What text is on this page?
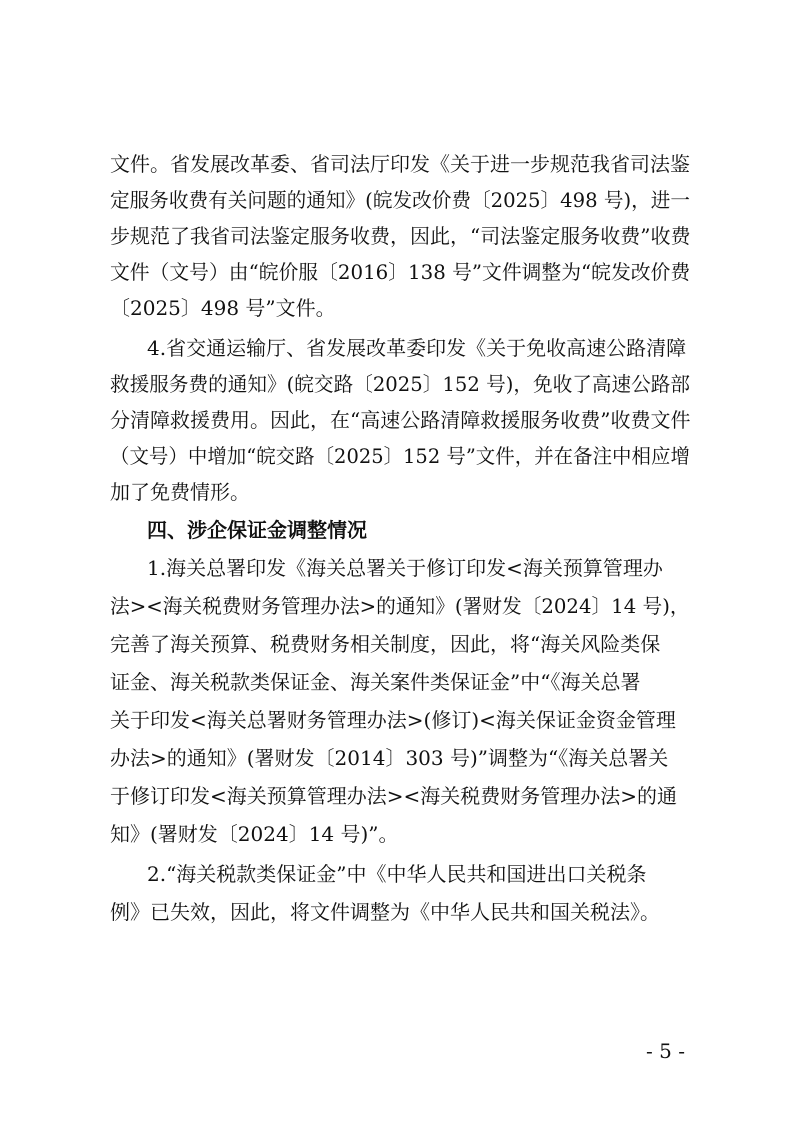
文件。省发展改革委、省司法厅印发《关于进一步规范我省司法鉴
定服务收费有关问题的通知》(皖发改价费〔2025〕498 号)，进一
步规范了我省司法鉴定服务收费，因此，“司法鉴定服务收费”收费
文件（文号）由“皖价服〔2016〕138 号”文件调整为“皖发改价费
〔2025〕498 号”文件。
4.省交通运输厅、省发展改革委印发《关于免收高速公路清障
救援服务费的通知》(皖交路〔2025〕152 号)，免收了高速公路部
分清障救援费用。因此，在“高速公路清障救援服务收费”收费文件
（文号）中增加“皖交路〔2025〕152 号”文件，并在备注中相应增
加了免费情形。
四、涉企保证金调整情况
1.海关总署印发《海关总署关于修订印发<海关预算管理办
法><海关税费财务管理办法>的通知》(署财发〔2024〕14 号)，
完善了海关预算、税费财务相关制度，因此，将“海关风险类保
证金、海关税款类保证金、海关案件类保证金”中“《海关总署
关于印发<海关总署财务管理办法>(修订)<海关保证金资金管理
办法>的通知》(署财发〔2014〕303 号)”调整为“《海关总署关
于修订印发<海关预算管理办法><海关税费财务管理办法>的通
知》(署财发〔2024〕14 号)”。
2.“海关税款类保证金”中《中华人民共和国进出口关税条
例》已失效，因此，将文件调整为《中华人民共和国关税法》。
- 5 -
